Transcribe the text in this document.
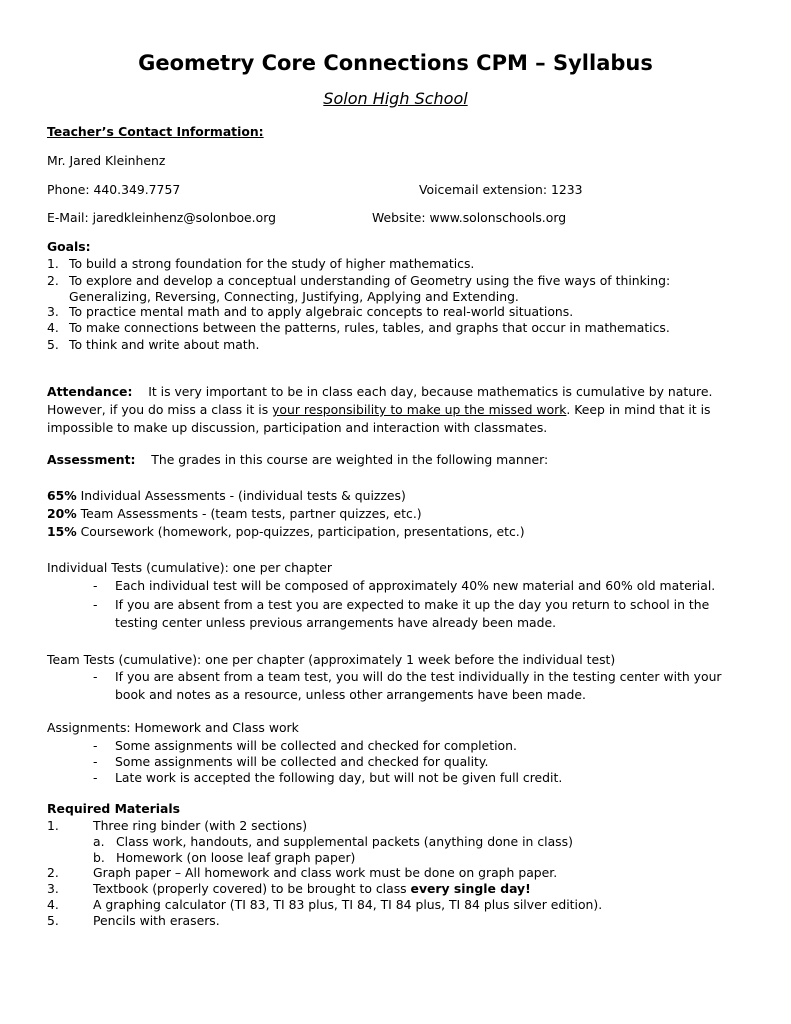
Geometry Core Connections CPM – Syllabus
Solon High School
Teacher’s Contact Information:
Mr. Jared Kleinhenz
Phone: 440.349.7757	Voicemail extension: 1233
E-Mail: jaredkleinhenz@solonboe.org	Website: www.solonschools.org
Goals:
1. To build a strong foundation for the study of higher mathematics.
2. To explore and develop a conceptual understanding of Geometry using the five ways of thinking:
Generalizing, Reversing, Connecting, Justifying, Applying and Extending.
3. To practice mental math and to apply algebraic concepts to real-world situations.
4. To make connections between the patterns, rules, tables, and graphs that occur in mathematics.
5. To think and write about math.
Attendance: It is very important to be in class each day, because mathematics is cumulative by nature. However, if you do miss a class it is your responsibility to make up the missed work. Keep in mind that it is impossible to make up discussion, participation and interaction with classmates.
Assessment: The grades in this course are weighted in the following manner:
65% Individual Assessments - (individual tests & quizzes)
20% Team Assessments - (team tests, partner quizzes, etc.)
15% Coursework (homework, pop-quizzes, participation, presentations, etc.)
Individual Tests (cumulative): one per chapter
- Each individual test will be composed of approximately 40% new material and 60% old material.
- If you are absent from a test you are expected to make it up the day you return to school in the
testing center unless previous arrangements have already been made.
Team Tests (cumulative): one per chapter (approximately 1 week before the individual test)
- If you are absent from a team test, you will do the test individually in the testing center with your
book and notes as a resource, unless other arrangements have been made.
Assignments: Homework and Class work
- Some assignments will be collected and checked for completion.
- Some assignments will be collected and checked for quality.
- Late work is accepted the following day, but will not be given full credit.
Required Materials
1.	Three ring binder (with 2 sections)
a. Class work, handouts, and supplemental packets (anything done in class)
b. Homework (on loose leaf graph paper)
2.	Graph paper – All homework and class work must be done on graph paper.
3.	Textbook (properly covered) to be brought to class every single day!
4.	A graphing calculator (TI 83, TI 83 plus, TI 84, TI 84 plus, TI 84 plus silver edition).
5.	Pencils with erasers.
